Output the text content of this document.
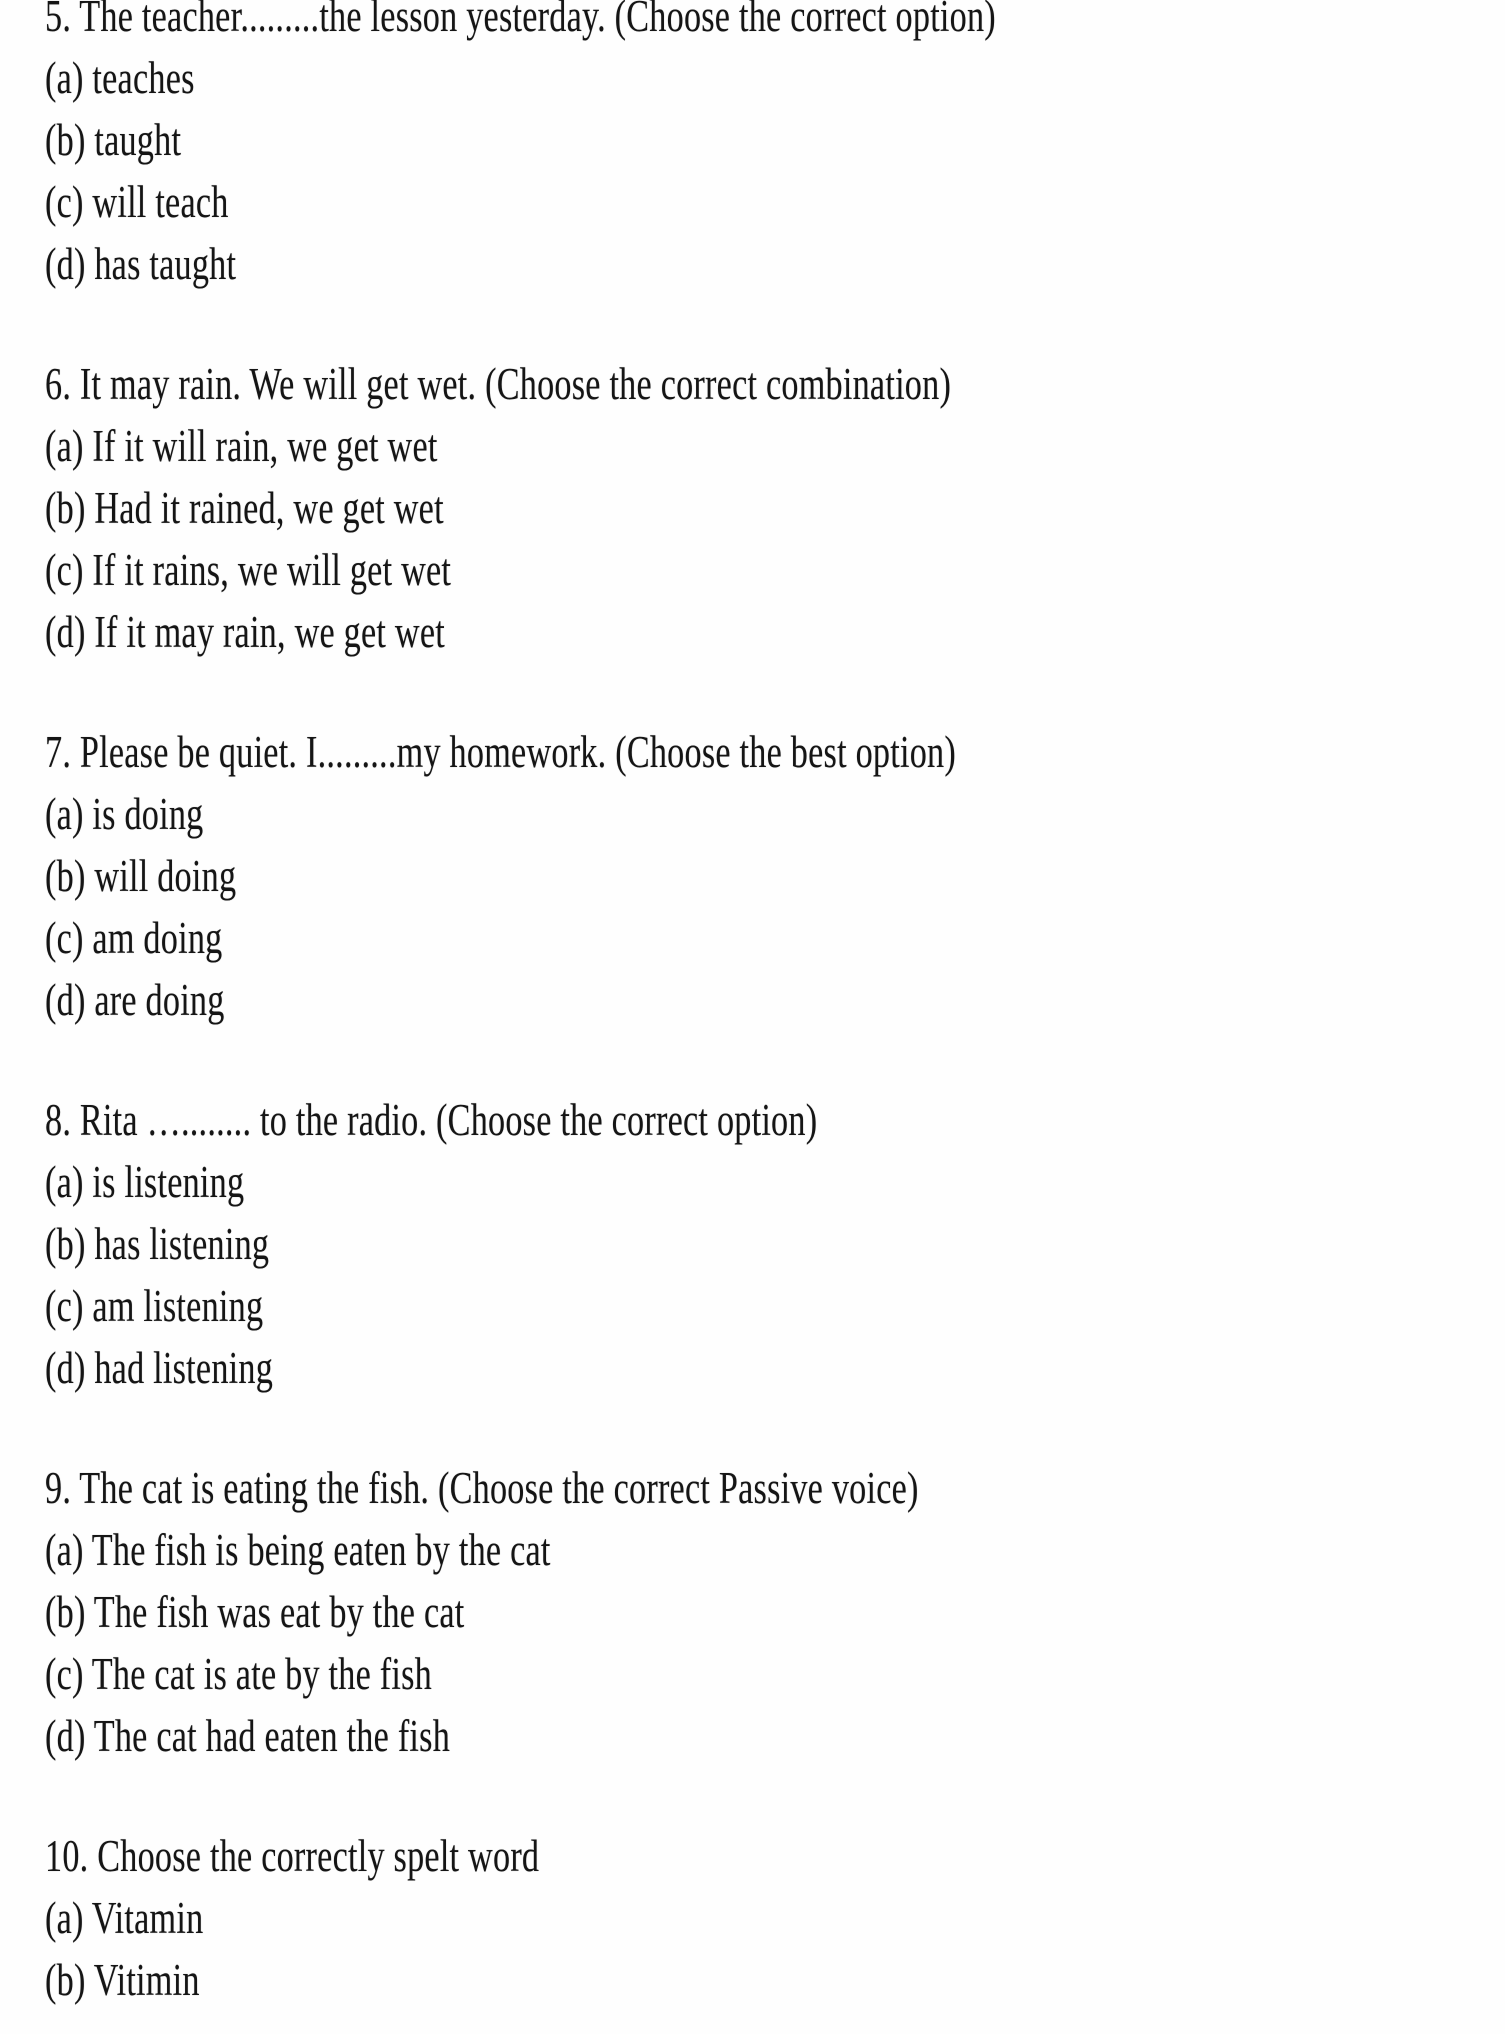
5. The teacher.........the lesson yesterday. (Choose the correct option)
(a) teaches
(b) taught
(c) will teach
(d) has taught
6. It may rain. We will get wet. (Choose the correct combination)
(a) If it will rain, we get wet
(b) Had it rained, we get wet
(c) If it rains, we will get wet
(d) If it may rain, we get wet
7. Please be quiet. I.........my homework. (Choose the best option)
(a) is doing
(b) will doing
(c) am doing
(d) are doing
8. Rita …........ to the radio. (Choose the correct option)
(a) is listening
(b) has listening
(c) am listening
(d) had listening
9. The cat is eating the fish. (Choose the correct Passive voice)
(a) The fish is being eaten by the cat
(b) The fish was eat by the cat
(c) The cat is ate by the fish
(d) The cat had eaten the fish
10. Choose the correctly spelt word
(a) Vitamin
(b) Vitimin
